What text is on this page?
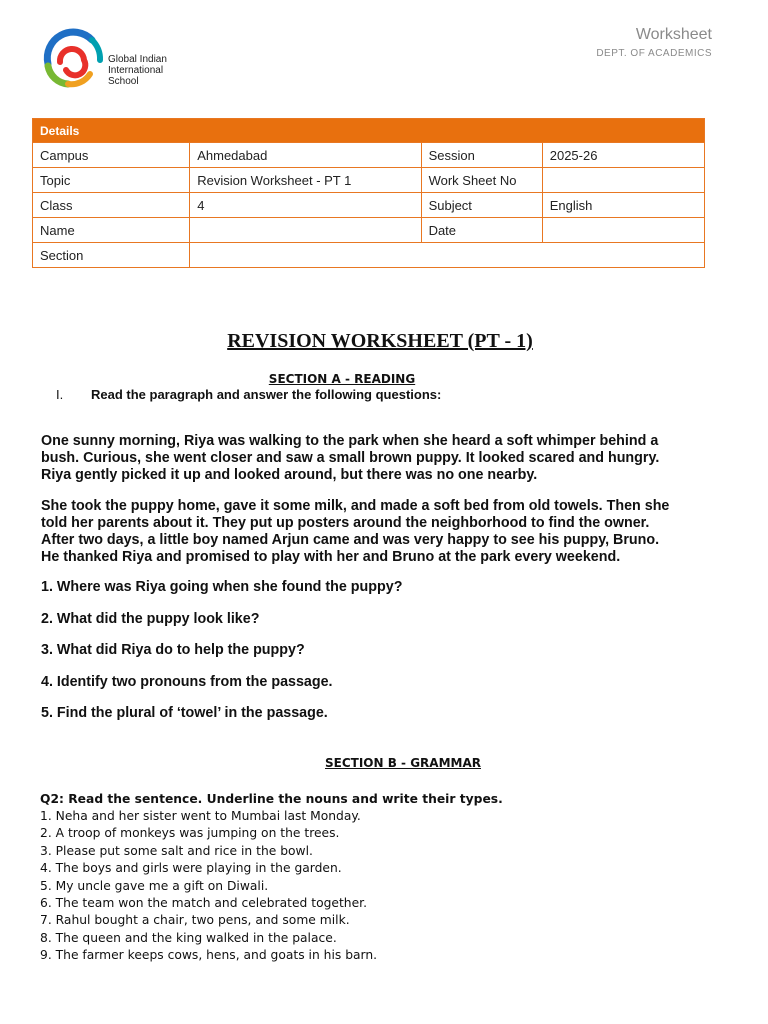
Global Indian
International
School
Worksheet
DEPT. OF ACADEMICS
Details			
Campus	Ahmedabad	Session	2025-26
Topic	Revision Worksheet - PT 1	Work Sheet No	
Class	4	Subject	English
Name		Date	
Section			
REVISION WORKSHEET (PT - 1)
SECTION A - READING
I. Read the paragraph and answer the following questions:
One sunny morning, Riya was walking to the park when she heard a soft whimper behind a
bush. Curious, she went closer and saw a small brown puppy. It looked scared and hungry.
Riya gently picked it up and looked around, but there was no one nearby.
She took the puppy home, gave it some milk, and made a soft bed from old towels. Then she
told her parents about it. They put up posters around the neighborhood to find the owner.
After two days, a little boy named Arjun came and was very happy to see his puppy, Bruno.
He thanked Riya and promised to play with her and Bruno at the park every weekend.
1. Where was Riya going when she found the puppy?
2. What did the puppy look like?
3. What did Riya do to help the puppy?
4. Identify two pronouns from the passage.
5. Find the plural of ‘towel’ in the passage.
SECTION B - GRAMMAR
Q2: Read the sentence. Underline the nouns and write their types.
1. Neha and her sister went to Mumbai last Monday.
2. A troop of monkeys was jumping on the trees.
3. Please put some salt and rice in the bowl.
4. The boys and girls were playing in the garden.
5. My uncle gave me a gift on Diwali.
6. The team won the match and celebrated together.
7. Rahul bought a chair, two pens, and some milk.
8. The queen and the king walked in the palace.
9. The farmer keeps cows, hens, and goats in his barn.
